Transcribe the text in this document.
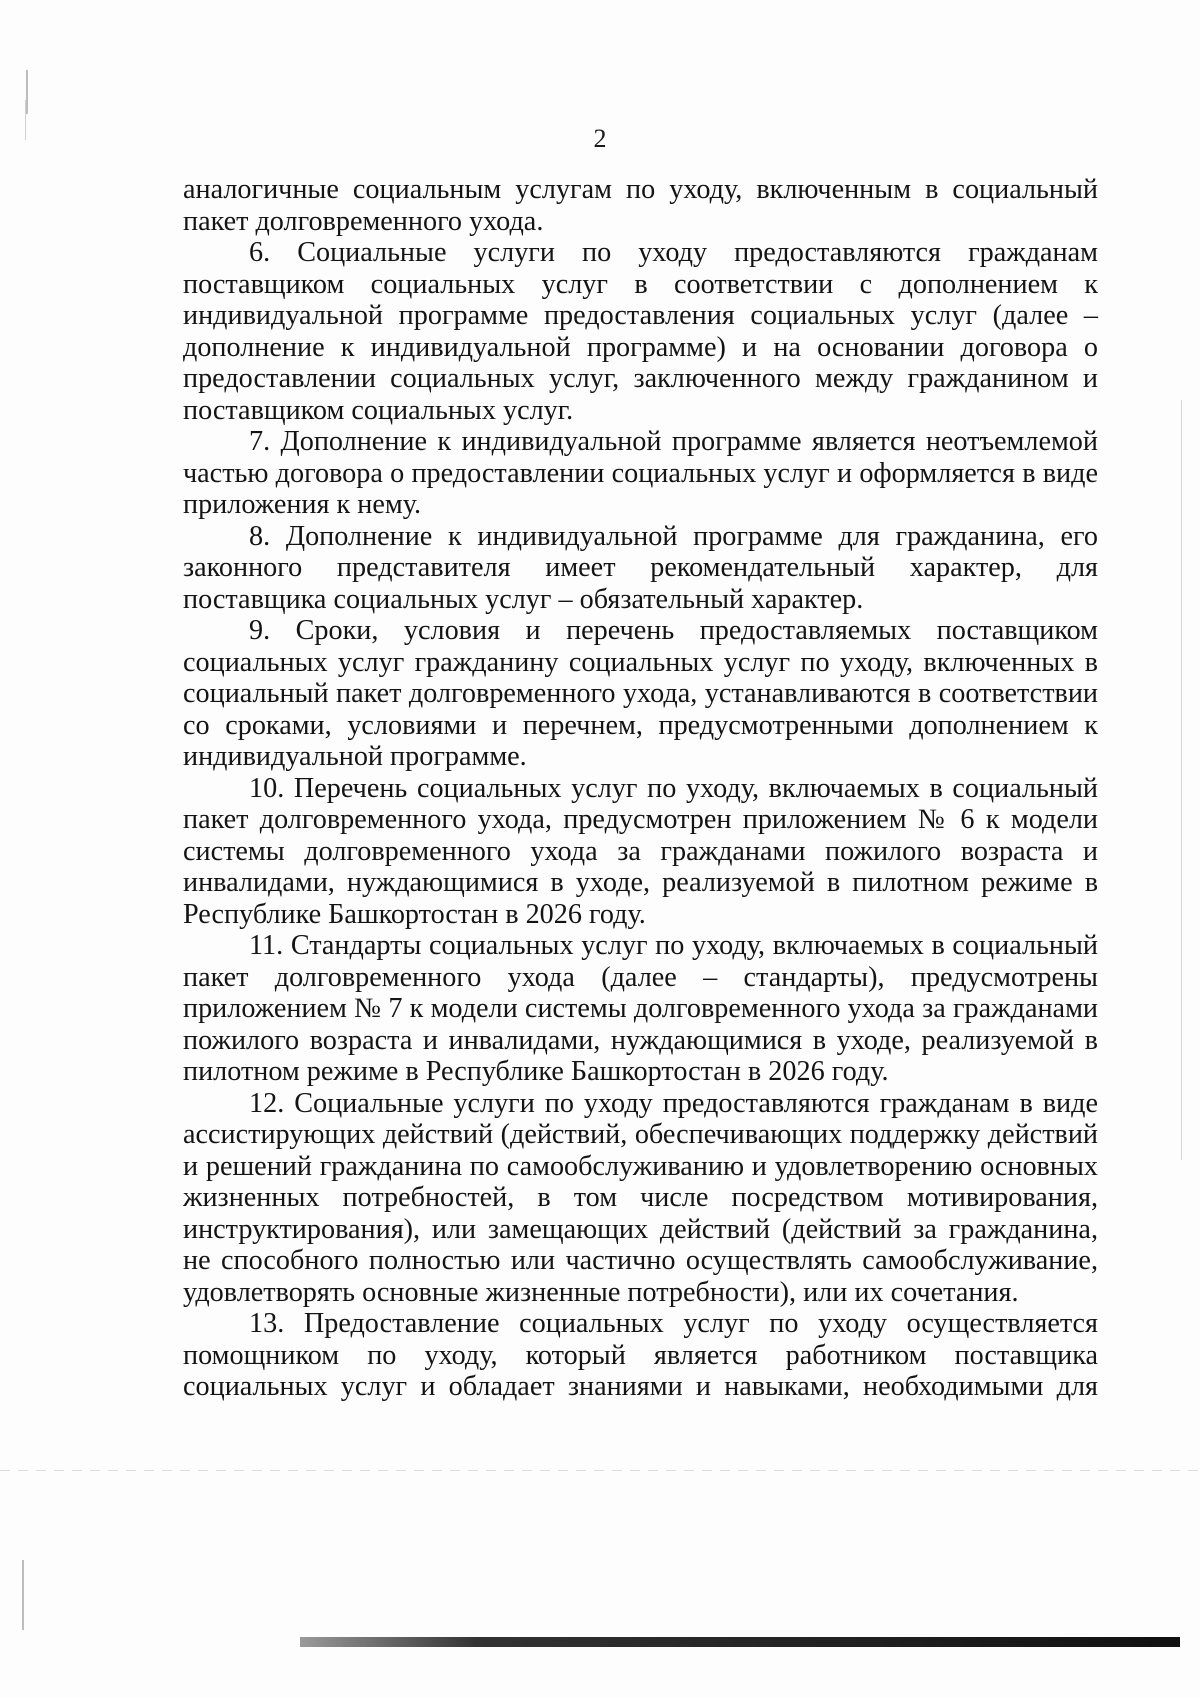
2

аналогичные социальным услугам по уходу, включенным в социальный пакет долговременного ухода.

6. Социальные услуги по уходу предоставляются гражданам поставщиком социальных услуг в соответствии с дополнением к индивидуальной программе предоставления социальных услуг (далее – дополнение к индивидуальной программе) и на основании договора о предоставлении социальных услуг, заключенного между гражданином и поставщиком социальных услуг.

7. Дополнение к индивидуальной программе является неотъемлемой частью договора о предоставлении социальных услуг и оформляется в виде приложения к нему.

8. Дополнение к индивидуальной программе для гражданина, его законного представителя имеет рекомендательный характер, для поставщика социальных услуг – обязательный характер.

9. Сроки, условия и перечень предоставляемых поставщиком социальных услуг гражданину социальных услуг по уходу, включенных в социальный пакет долговременного ухода, устанавливаются в соответствии со сроками, условиями и перечнем, предусмотренными дополнением к индивидуальной программе.

10. Перечень социальных услуг по уходу, включаемых в социальный пакет долговременного ухода, предусмотрен приложением № 6 к модели системы долговременного ухода за гражданами пожилого возраста и инвалидами, нуждающимися в уходе, реализуемой в пилотном режиме в Республике Башкортостан в 2026 году.

11. Стандарты социальных услуг по уходу, включаемых в социальный пакет долговременного ухода (далее – стандарты), предусмотрены приложением № 7 к модели системы долговременного ухода за гражданами пожилого возраста и инвалидами, нуждающимися в уходе, реализуемой в пилотном режиме в Республике Башкортостан в 2026 году.

12. Социальные услуги по уходу предоставляются гражданам в виде ассистирующих действий (действий, обеспечивающих поддержку действий и решений гражданина по самообслуживанию и удовлетворению основных жизненных потребностей, в том числе посредством мотивирования, инструктирования), или замещающих действий (действий за гражданина, не способного полностью или частично осуществлять самообслуживание, удовлетворять основные жизненные потребности), или их сочетания.

13. Предоставление социальных услуг по уходу осуществляется помощником по уходу, который является работником поставщика социальных услуг и обладает знаниями и навыками, необходимыми для
